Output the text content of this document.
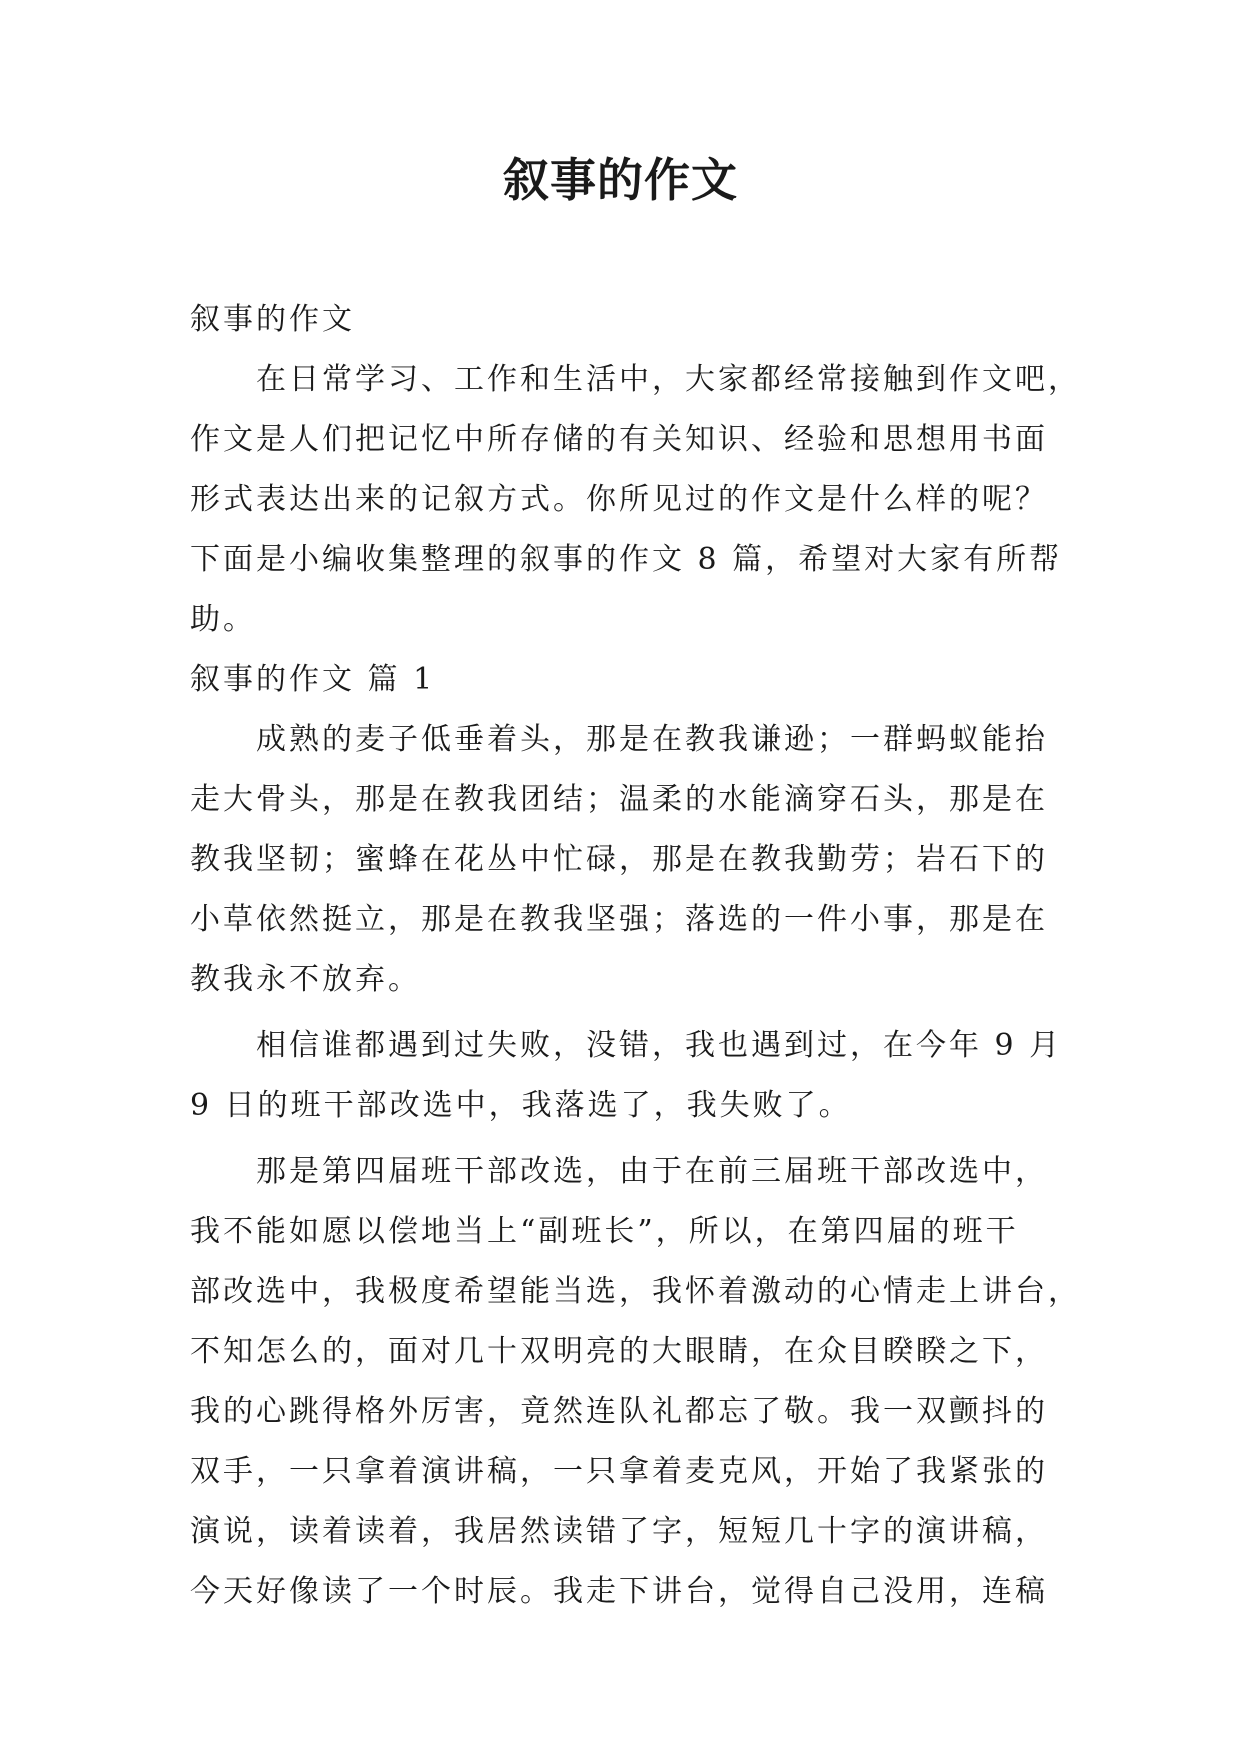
叙事的作文
叙事的作文
　　在日常学习、工作和生活中，大家都经常接触到作文吧，
作文是人们把记忆中所存储的有关知识、经验和思想用书面
形式表达出来的记叙方式。你所见过的作文是什么样的呢？
下面是小编收集整理的叙事的作文 8 篇，希望对大家有所帮
助。
叙事的作文 篇 1
　　成熟的麦子低垂着头，那是在教我谦逊；一群蚂蚁能抬
走大骨头，那是在教我团结；温柔的水能滴穿石头，那是在
教我坚韧；蜜蜂在花丛中忙碌，那是在教我勤劳；岩石下的
小草依然挺立，那是在教我坚强；落选的一件小事，那是在
教我永不放弃。
　　相信谁都遇到过失败，没错，我也遇到过，在今年 9 月
9 日的班干部改选中，我落选了，我失败了。
　　那是第四届班干部改选，由于在前三届班干部改选中，
我不能如愿以偿地当上“副班长”，所以，在第四届的班干
部改选中，我极度希望能当选，我怀着激动的心情走上讲台，
不知怎么的，面对几十双明亮的大眼睛，在众目睽睽之下，
我的心跳得格外厉害，竟然连队礼都忘了敬。我一双颤抖的
双手，一只拿着演讲稿，一只拿着麦克风，开始了我紧张的
演说，读着读着，我居然读错了字，短短几十字的演讲稿，
今天好像读了一个时辰。我走下讲台，觉得自己没用，连稿
